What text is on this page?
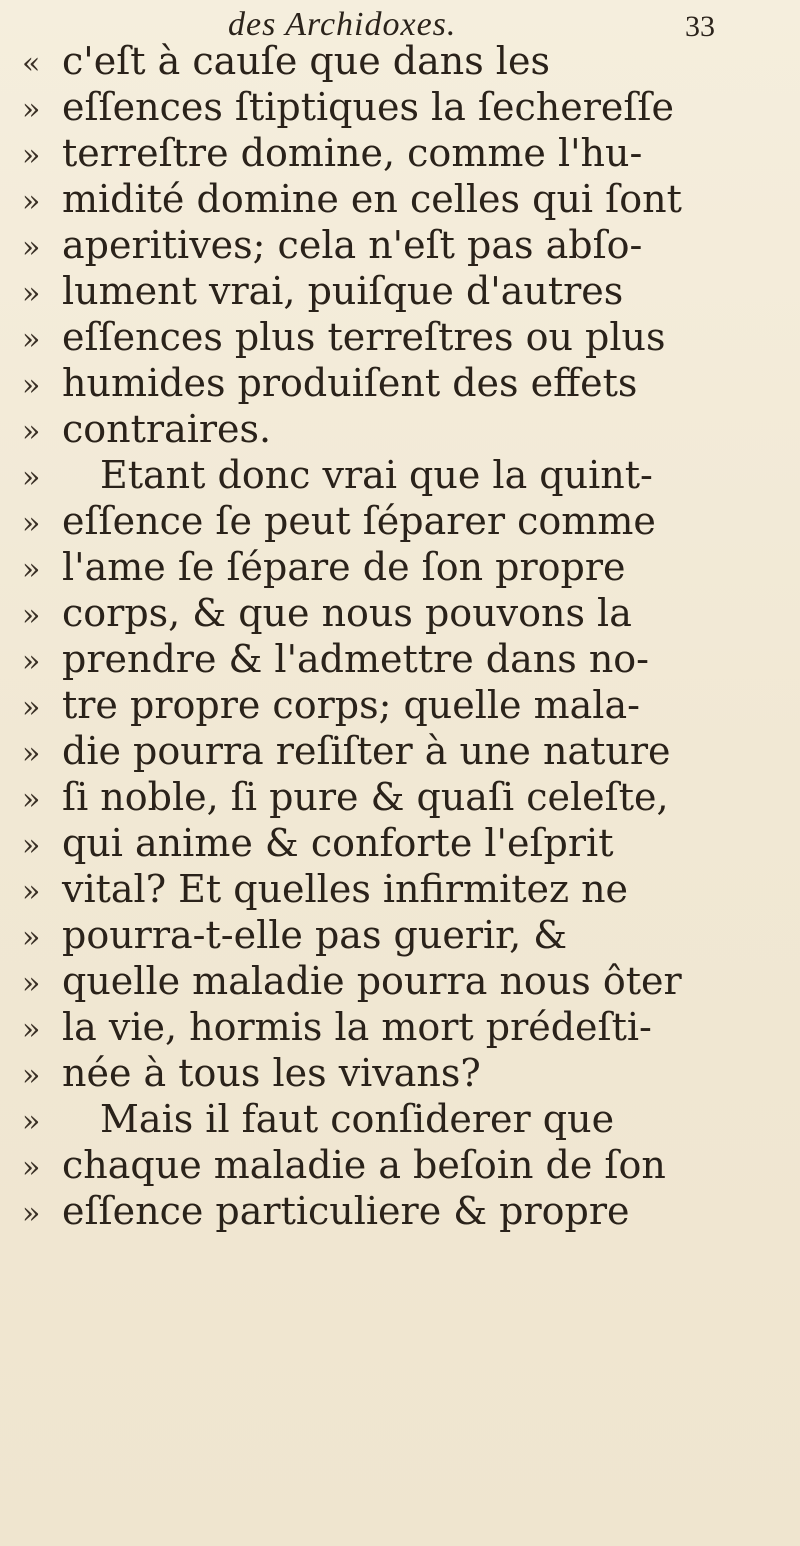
des Archidoxes.	33
« c'eſt à cauſe que dans les
» eſſences ſtiptiques la ſechereſſe
» terreſtre domine, comme l'hu-
» midité domine en celles qui ſont
» aperitives; cela n'eſt pas abſo-
» lument vrai, puiſque d'autres
» eſſences plus terreſtres ou plus
» humides produiſent des effets
» contraires.
» Etant donc vrai que la quint-
» eſſence ſe peut ſéparer comme
» l'ame ſe ſépare de ſon propre
» corps, & que nous pouvons la
» prendre & l'admettre dans no-
» tre propre corps; quelle mala-
» die pourra reſiſter à une nature
» ſi noble, ſi pure & quaſi celeſte,
» qui anime & conforte l'eſprit
» vital? Et quelles infirmitez ne
» pourra-t-elle pas guerir, &
» quelle maladie pourra nous ôter
» la vie, hormis la mort prédeſti-
» née à tous les vivans?
» Mais il faut conſiderer que
» chaque maladie a beſoin de ſon
» eſſence particuliere & propre
